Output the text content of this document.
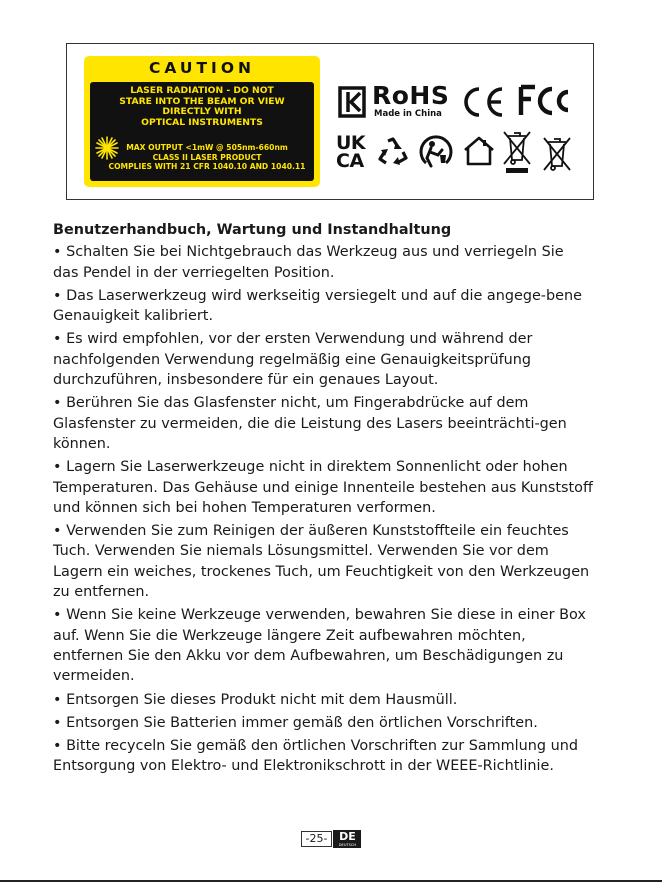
CAUTION
LASER RADIATION - DO NOT
STARE INTO THE BEAM OR VIEW
DIRECTLY WITH
OPTICAL INSTRUMENTS
MAX OUTPUT <1mW @ 505nm-660nm
CLASS II LASER PRODUCT
COMPLIES WITH 21 CFR 1040.10 AND 1040.11
RoHS
Made in China
UK
CA
Benutzerhandbuch, Wartung und Instandhaltung
• Schalten Sie bei Nichtgebrauch das Werkzeug aus und verriegeln Sie das Pendel in der verriegelten Position.
• Das Laserwerkzeug wird werkseitig versiegelt und auf die angege-bene Genauigkeit kalibriert.
• Es wird empfohlen, vor der ersten Verwendung und während der nachfolgenden Verwendung regelmäßig eine Genauigkeitsprüfung durchzuführen, insbesondere für ein genaues Layout.
• Berühren Sie das Glasfenster nicht, um Fingerabdrücke auf dem Glasfenster zu vermeiden, die die Leistung des Lasers beeinträchti-gen können.
• Lagern Sie Laserwerkzeuge nicht in direktem Sonnenlicht oder hohen Temperaturen. Das Gehäuse und einige Innenteile bestehen aus Kunststoff und können sich bei hohen Temperaturen verformen.
• Verwenden Sie zum Reinigen der äußeren Kunststoffteile ein feuchtes Tuch. Verwenden Sie niemals Lösungsmittel. Verwenden Sie vor dem Lagern ein weiches, trockenes Tuch, um Feuchtigkeit von den Werkzeugen zu entfernen.
• Wenn Sie keine Werkzeuge verwenden, bewahren Sie diese in einer Box auf. Wenn Sie die Werkzeuge längere Zeit aufbewahren möchten, entfernen Sie den Akku vor dem Aufbewahren, um Beschädigungen zu vermeiden.
• Entsorgen Sie dieses Produkt nicht mit dem Hausmüll.
• Entsorgen Sie Batterien immer gemäß den örtlichen Vorschriften.
• Bitte recyceln Sie gemäß den örtlichen Vorschriften zur Sammlung und Entsorgung von Elektro- und Elektronikschrott in der WEEE-Richtlinie.
-25-	DE
DEUTSCH
